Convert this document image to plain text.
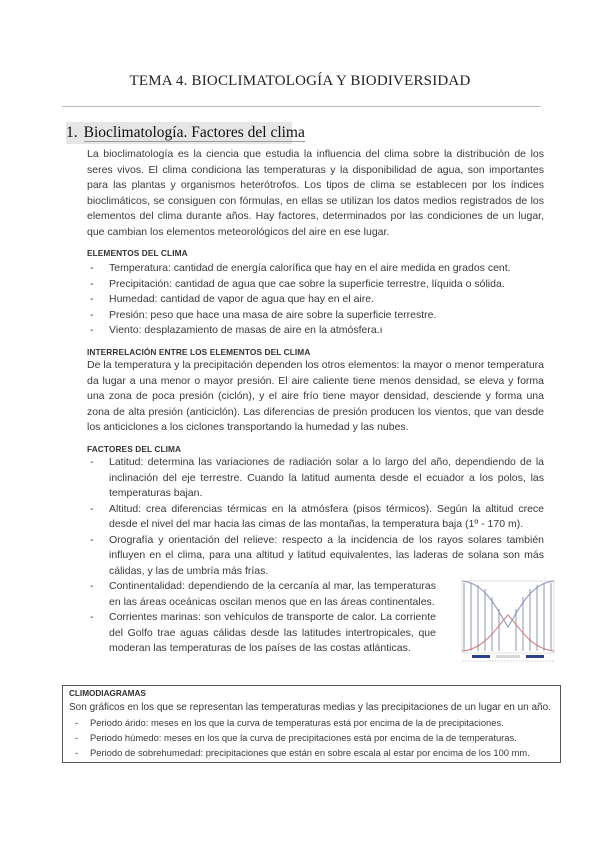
TEMA 4. BIOCLIMATOLOGÍA Y BIODIVERSIDAD
1. Bioclimatología. Factores del clima
La bioclimatología es la ciencia que estudia la influencia del clima sobre la distribución de los seres vivos. El clima condiciona las temperaturas y la disponibilidad de agua, son importantes para las plantas y organismos heterótrofos. Los tipos de clima se establecen por los índices bioclimáticos, se consiguen con fórmulas, en ellas se utilizan los datos medios registrados de los elementos del clima durante años. Hay factores, determinados por las condiciones de un lugar, que cambian los elementos meteorológicos del aire en ese lugar.
ELEMENTOS DEL CLIMA
- Temperatura: cantidad de energía calorífica que hay en el aire medida en grados cent.
- Precipitación: cantidad de agua que cae sobre la superficie terrestre, líquida o sólida.
- Humedad: cantidad de vapor de agua que hay en el aire.
- Presión: peso que hace una masa de aire sobre la superficie terrestre.
- Viento: desplazamiento de masas de aire en la atmósfera.ı
INTERRELACIÓN ENTRE LOS ELEMENTOS DEL CLIMA
De la temperatura y la precipitación dependen los otros elementos: la mayor o menor temperatura da lugar a una menor o mayor presión. El aire caliente tiene menos densidad, se eleva y forma una zona de poca presión (ciclón), y el aire frío tiene mayor densidad, desciende y forma una zona de alta presión (anticiclón). Las diferencias de presión producen los vientos, que van desde los anticiclones a los ciclones transportando la humedad y las nubes.
FACTORES DEL CLIMA
- Latitud: determina las variaciones de radiación solar a lo largo del año, dependiendo de la inclinación del eje terrestre. Cuando la latitud aumenta desde el ecuador a los polos, las temperaturas bajan.
- Altitud: crea diferencias térmicas en la atmósfera (pisos térmicos). Según la altitud crece desde el nivel del mar hacia las cimas de las montañas, la temperatura baja (1º - 170 m).
- Orografía y orientación del relieve: respecto a la incidencia de los rayos solares también influyen en el clima, para una altitud y latitud equivalentes, las laderas de solana son más cálidas, y las de umbría más frías.
- Continentalidad: dependiendo de la cercanía al mar, las temperaturas en las áreas oceánicas oscilan menos que en las áreas continentales.
- Corrientes marinas: son vehículos de transporte de calor. La corriente del Golfo trae aguas cálidas desde las latitudes intertropicales, que moderan las temperaturas de los países de las costas atlánticas.
CLIMODIAGRAMAS
Son gráficos en los que se representan las temperaturas medias y las precipitaciones de un lugar en un año.
- Periodo árido: meses en los que la curva de temperaturas está por encima de la de precipitaciones.
- Periodo húmedo: meses en los que la curva de precipitaciones está por encima de la de temperaturas.
- Periodo de sobrehumedad: precipitaciones que están en sobre escala al estar por encima de los 100 mm.
